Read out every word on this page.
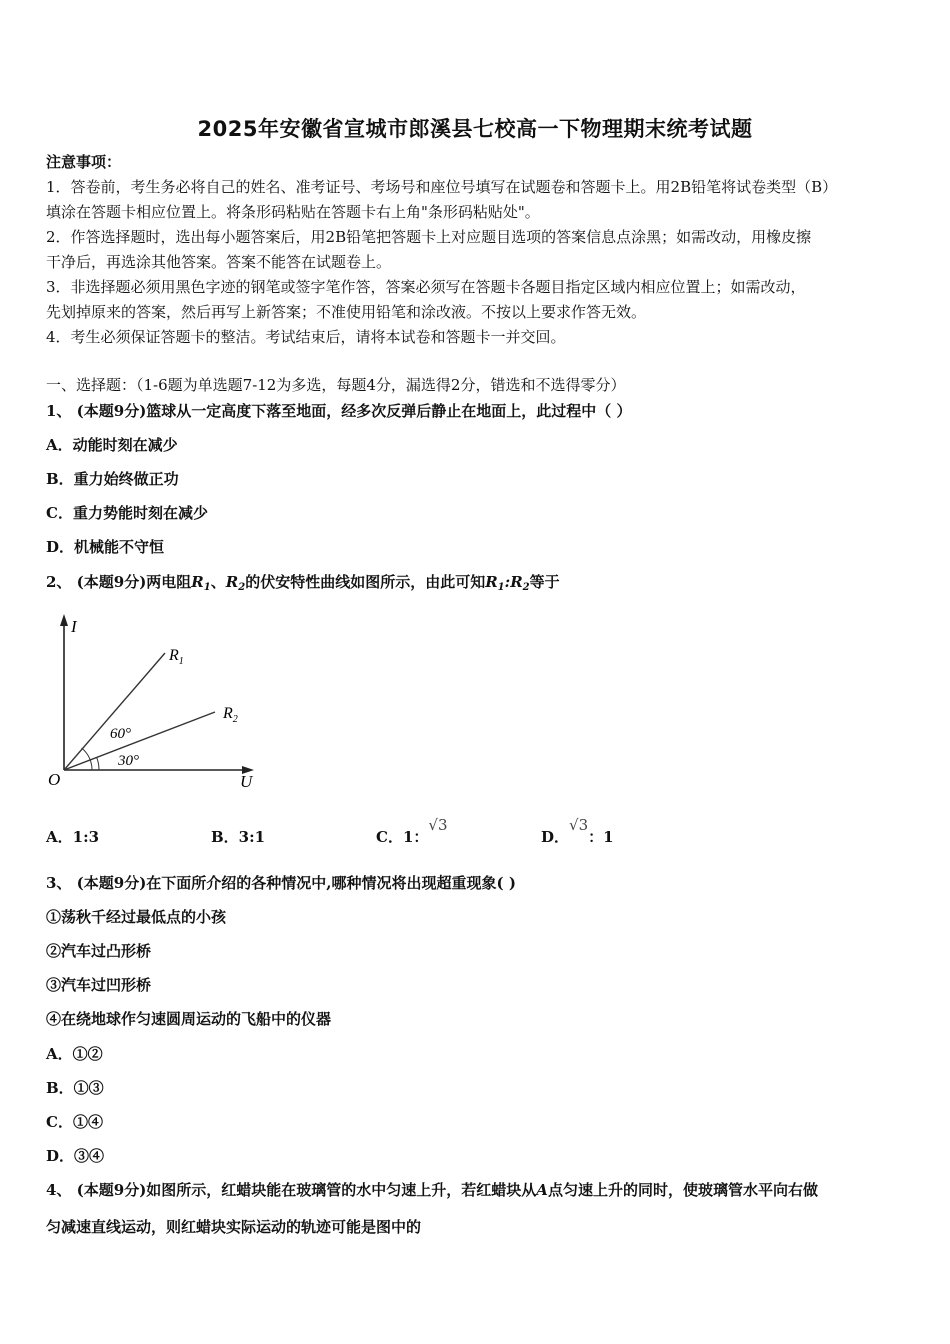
2025年安徽省宣城市郎溪县七校高一下物理期末统考试题
注意事项：
1．答卷前，考生务必将自己的姓名、准考证号、考场号和座位号填写在试题卷和答题卡上。用2B铅笔将试卷类型（B）
填涂在答题卡相应位置上。将条形码粘贴在答题卡右上角"条形码粘贴处"。
2．作答选择题时，选出每小题答案后，用2B铅笔把答题卡上对应题目选项的答案信息点涂黑；如需改动，用橡皮擦
干净后，再选涂其他答案。答案不能答在试题卷上。
3．非选择题必须用黑色字迹的钢笔或签字笔作答，答案必须写在答题卡各题目指定区域内相应位置上；如需改动，
先划掉原来的答案，然后再写上新答案；不准使用铅笔和涂改液。不按以上要求作答无效。
4．考生必须保证答题卡的整洁。考试结束后，请将本试卷和答题卡一并交回。
一、选择题：（1-6题为单选题7-12为多选，每题4分，漏选得2分，错选和不选得零分）
1、 (本题9分)篮球从一定高度下落至地面，经多次反弹后静止在地面上，此过程中（ ）
A．动能时刻在减少
B．重力始终做正功
C．重力势能时刻在减少
D．机械能不守恒
2、 (本题9分)两电阻$R_1$、$R_2$的伏安特性曲线如图所示，由此可知$R_1:R_2$等于
I
U
O
$R_1$
$R_2$
60°
30°
A．1:3	B．3:1	C．1：√3
D．√3：1
3、 (本题9分)在下面所介绍的各种情况中,哪种情况将出现超重现象( )
①荡秋千经过最低点的小孩
②汽车过凸形桥
③汽车过凹形桥
④在绕地球作匀速圆周运动的飞船中的仪器
A．①②
B．①③
C．①④
D．③④
4、 (本题9分)如图所示，红蜡块能在玻璃管的水中匀速上升，若红蜡块从A点匀速上升的同时，使玻璃管水平向右做
匀减速直线运动，则红蜡块实际运动的轨迹可能是图中的
